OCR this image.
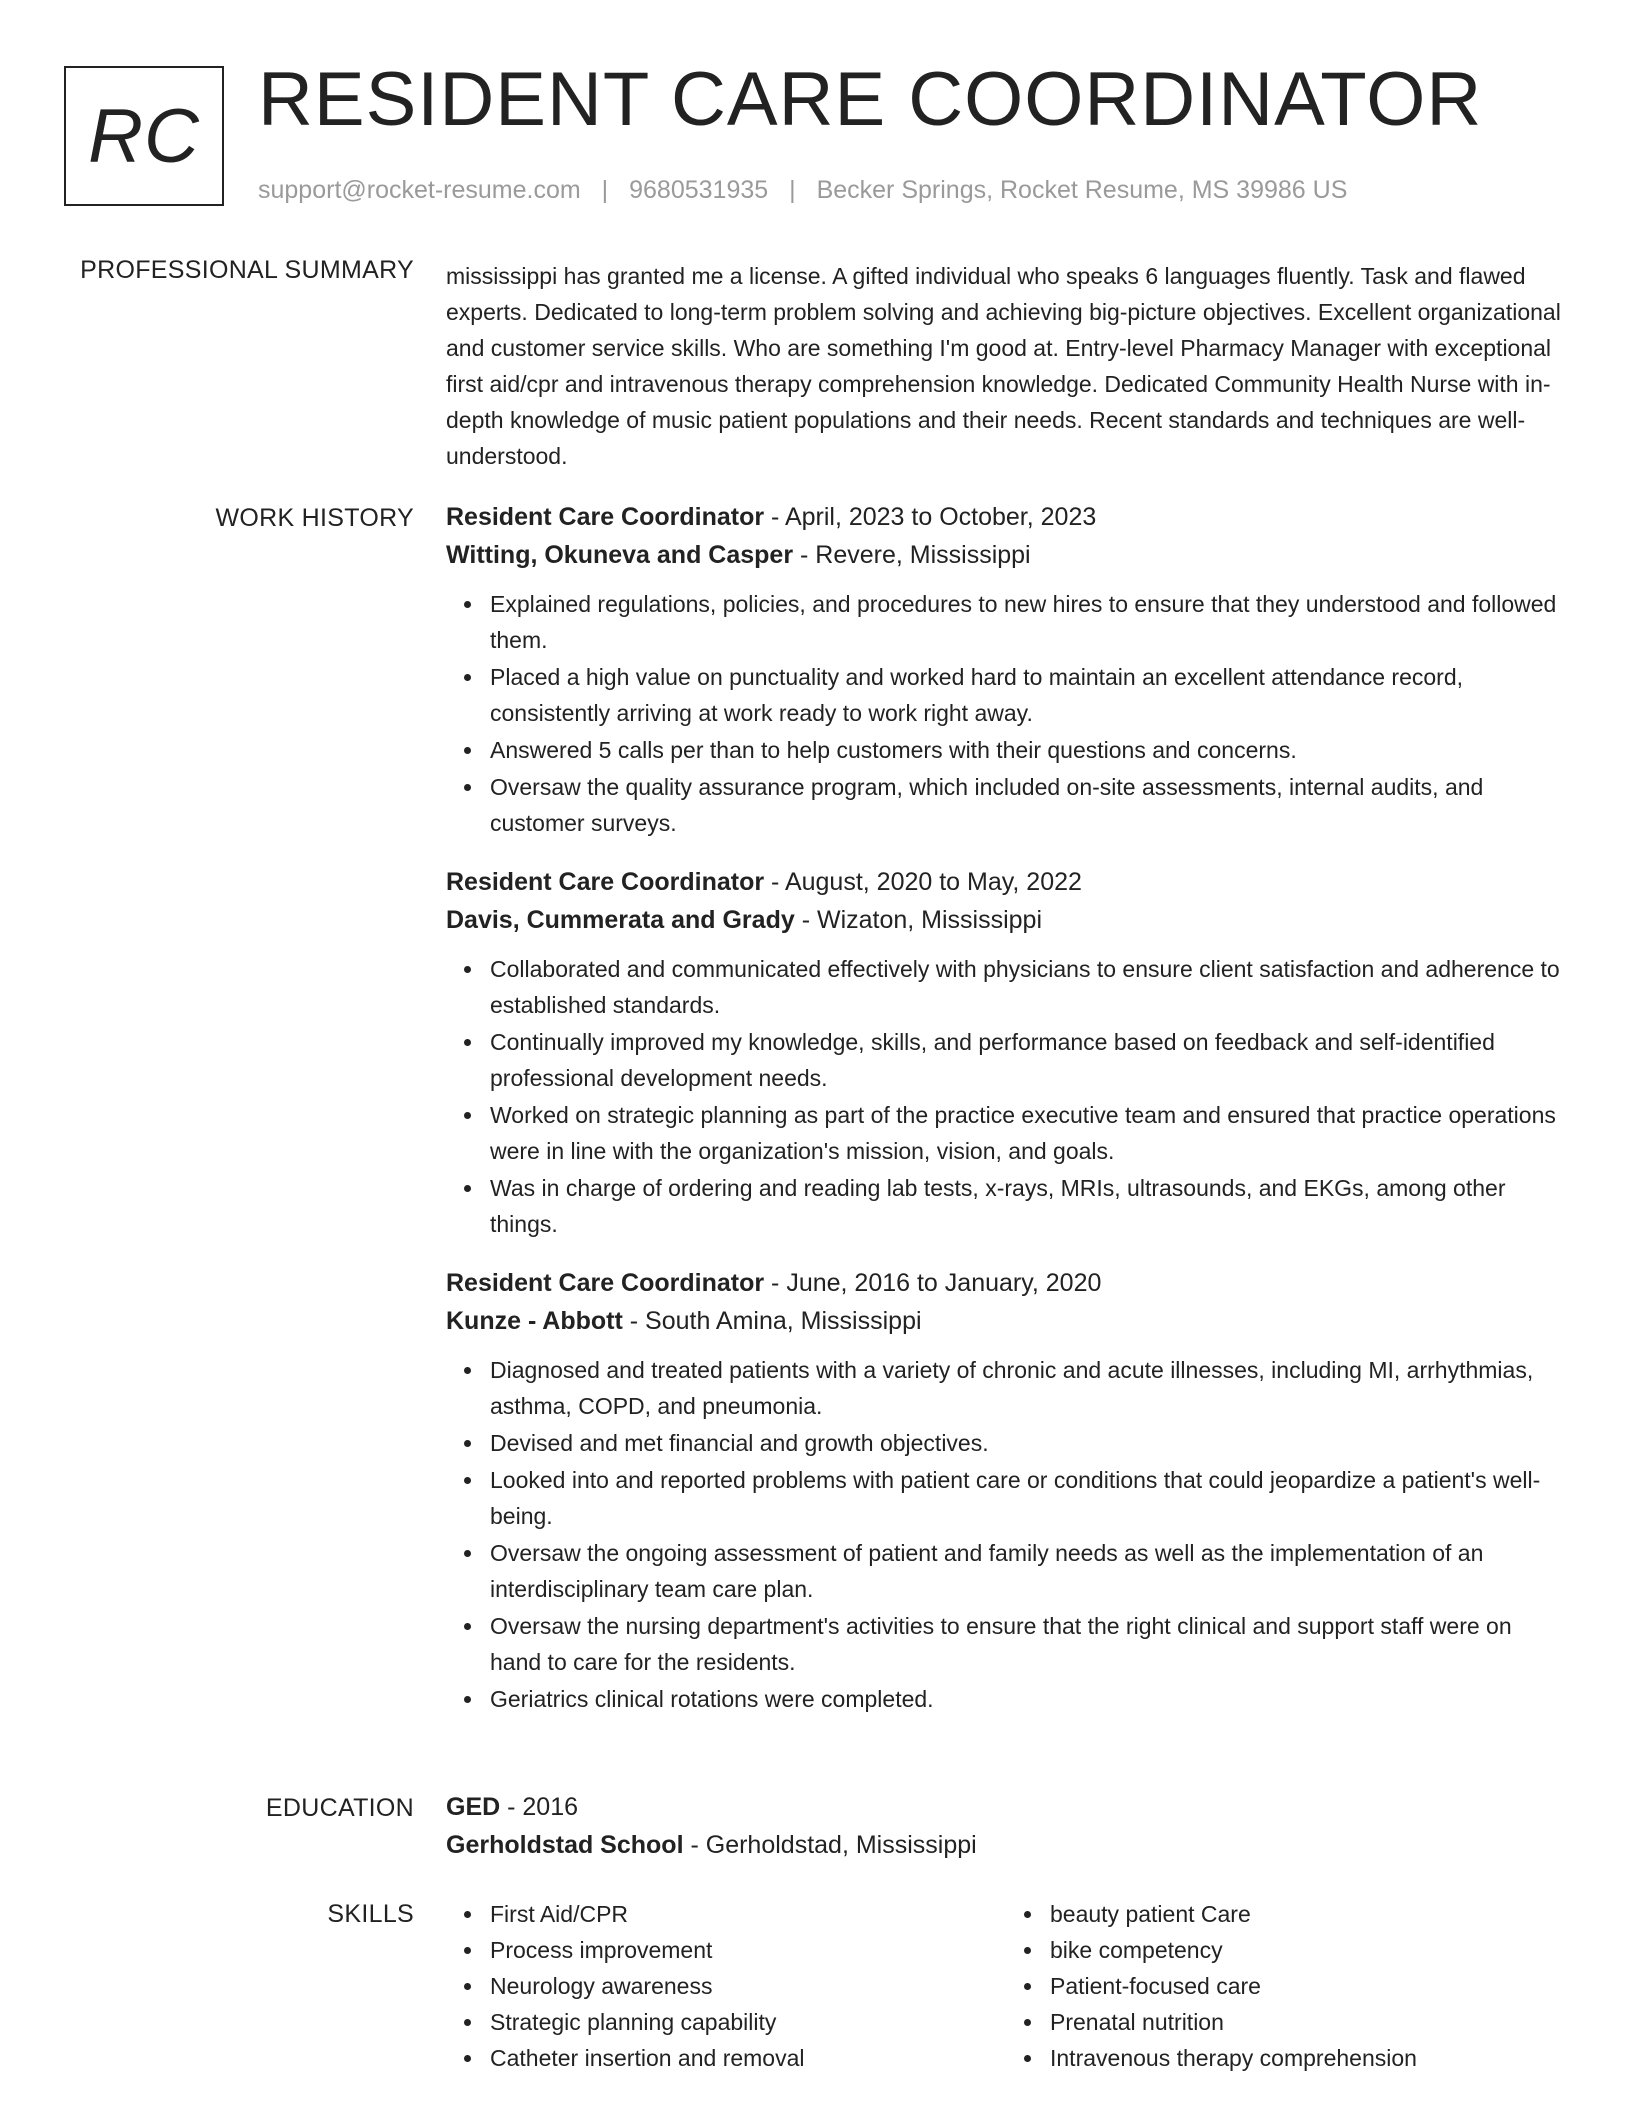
RC RESIDENT CARE COORDINATOR
support@rocket-resume.com | 9680531935 | Becker Springs, Rocket Resume, MS 39986 US
PROFESSIONAL SUMMARY mississippi has granted me a license. A gifted individual who speaks 6 languages fluently. Task and flawed experts. Dedicated to long-term problem solving and achieving big-picture objectives. Excellent organizational and customer service skills. Who are something I'm good at. Entry-level Pharmacy Manager with exceptional first aid/cpr and intravenous therapy comprehension knowledge. Dedicated Community Health Nurse with in-depth knowledge of music patient populations and their needs. Recent standards and techniques are well-understood.

WORK HISTORY Resident Care Coordinator - April, 2023 to October, 2023
Witting, Okuneva and Casper - Revere, Mississippi
Explained regulations, policies, and procedures to new hires to ensure that they understood and followed them.
Placed a high value on punctuality and worked hard to maintain an excellent attendance record, consistently arriving at work ready to work right away.
Answered 5 calls per than to help customers with their questions and concerns.
Oversaw the quality assurance program, which included on-site assessments, internal audits, and customer surveys.
Resident Care Coordinator - August, 2020 to May, 2022
Davis, Cummerata and Grady - Wizaton, Mississippi
Collaborated and communicated effectively with physicians to ensure client satisfaction and adherence to established standards.
Continually improved my knowledge, skills, and performance based on feedback and self-identified professional development needs.
Worked on strategic planning as part of the practice executive team and ensured that practice operations were in line with the organization's mission, vision, and goals.
Was in charge of ordering and reading lab tests, x-rays, MRIs, ultrasounds, and EKGs, among other things.
Resident Care Coordinator - June, 2016 to January, 2020
Kunze - Abbott - South Amina, Mississippi
Diagnosed and treated patients with a variety of chronic and acute illnesses, including MI, arrhythmias, asthma, COPD, and pneumonia.
Devised and met financial and growth objectives.
Looked into and reported problems with patient care or conditions that could jeopardize a patient's well-being.
Oversaw the ongoing assessment of patient and family needs as well as the implementation of an interdisciplinary team care plan.
Oversaw the nursing department's activities to ensure that the right clinical and support staff were on hand to care for the residents.
Geriatrics clinical rotations were completed.
EDUCATION GED - 2016
Gerholdstad School - Gerholdstad, Mississippi
SKILLS	First Aid/CPR
Process improvement
Neurology awareness
Strategic planning capability
Catheter insertion and removal
beauty patient Care
bike competency
Patient-focused care
Prenatal nutrition
Intravenous therapy comprehension
